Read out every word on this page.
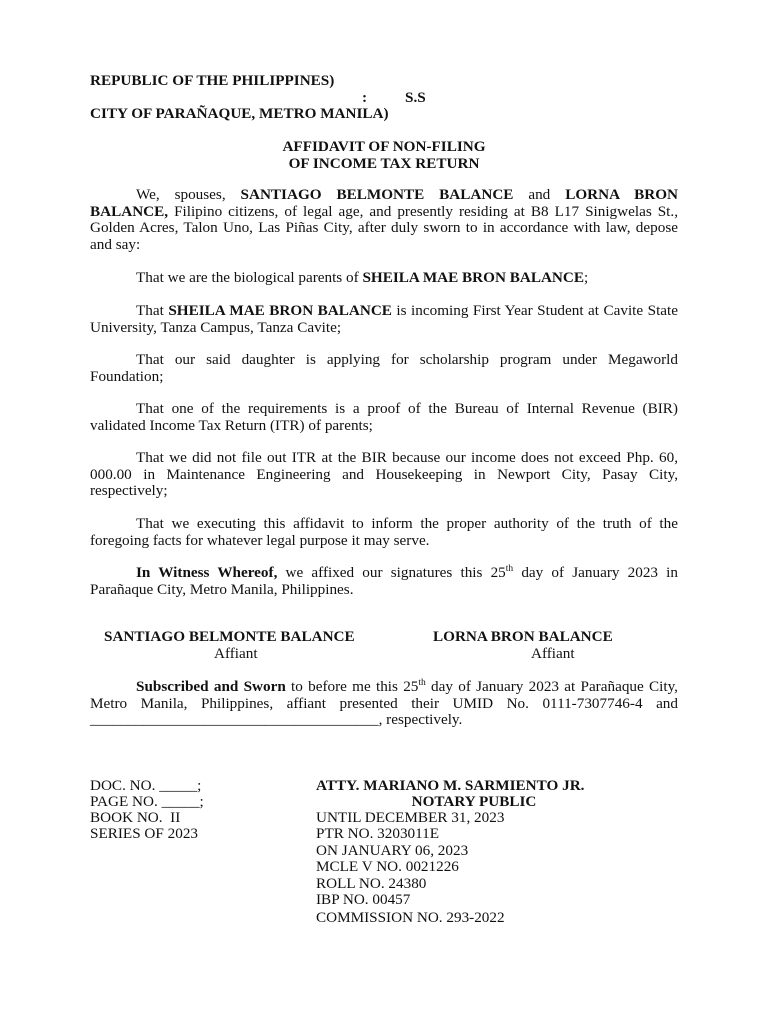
REPUBLIC OF THE PHILIPPINES)
:          S.S
CITY OF PARAÑAQUE, METRO MANILA)
AFFIDAVIT OF NON-FILING
OF INCOME TAX RETURN
We, spouses, SANTIAGO BELMONTE BALANCE and LORNA BRON BALANCE, Filipino citizens, of legal age, and presently residing at B8 L17 Sinigwelas St., Golden Acres, Talon Uno, Las Piñas City, after duly sworn to in accordance with law, depose and say:
That we are the biological parents of SHEILA MAE BRON BALANCE;
That SHEILA MAE BRON BALANCE is incoming First Year Student at Cavite State University, Tanza Campus, Tanza Cavite;
That our said daughter is applying for scholarship program under Megaworld Foundation;
That one of the requirements is a proof of the Bureau of Internal Revenue (BIR) validated Income Tax Return (ITR) of parents;
That we did not file out ITR at the BIR because our income does not exceed Php. 60, 000.00 in Maintenance Engineering and Housekeeping in Newport City, Pasay City, respectively;
That we executing this affidavit to inform the proper authority of the truth of the foregoing facts for whatever legal purpose it may serve.
In Witness Whereof, we affixed our signatures this 25th day of January 2023 in Parañaque City, Metro Manila, Philippines.
SANTIAGO BELMONTE BALANCE
Affiant
LORNA BRON BALANCE
Affiant
Subscribed and Sworn to before me this 25th day of January 2023 at Parañaque City, Metro Manila, Philippines, affiant presented their UMID No. 0111-7307746-4 and ______________________________________, respectively.
DOC. NO. _____;
PAGE NO. _____;
BOOK NO.  II
SERIES OF 2023
ATTY. MARIANO M. SARMIENTO JR.
NOTARY PUBLIC
UNTIL DECEMBER 31, 2023
PTR NO. 3203011E
ON JANUARY 06, 2023
MCLE V NO. 0021226
ROLL NO. 24380
IBP NO. 00457
COMMISSION NO. 293-2022
